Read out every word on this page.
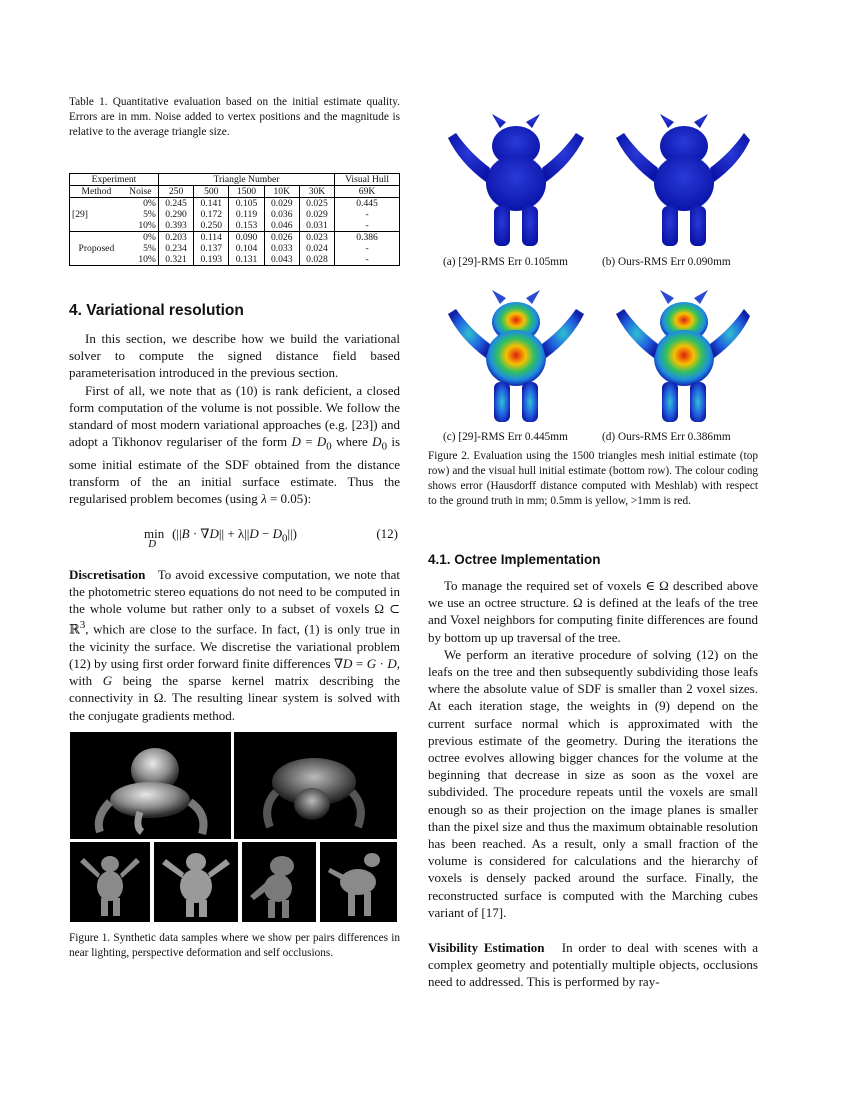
Table 1. Quantitative evaluation based on the initial estimate quality. Errors are in mm. Noise added to vertex positions and the magnitude is relative to the average triangle size.

Experiment		Triangle Number					Visual Hull
Method	Noise	250	500	1500	10K	30K	69K
	0%	0.245	0.141	0.105	0.029	0.025	0.445
[29]	5%	0.290	0.172	0.119	0.036	0.029	-
	10%	0.393	0.250	0.153	0.046	0.031	-
	0%	0.203	0.114	0.090	0.026	0.023	0.386
Proposed	5%	0.234	0.137	0.104	0.033	0.024	-
	10%	0.321	0.193	0.131	0.043	0.028	-
4. Variational resolution

In this section, we describe how we build the variational solver to compute the signed distance field based parameterisation introduced in the previous section.

First of all, we note that as (10) is rank deficient, a closed form computation of the volume is not possible. We follow the standard of most modern variational approaches (e.g. [23]) and adopt a Tikhonov regulariser of the form $D = D_0$ where $D_0$ is some initial estimate of the SDF obtained from the distance transform of the an initial surface estimate. Thus the regularised problem becomes (using λ = 0.05):

$\min_D(||B \cdot \nabla D|| + \lambda||D - D_0||)$	(12)

Discretisation To avoid excessive computation, we note that the photometric stereo equations do not need to be computed in the whole volume but rather only to a subset of voxels Ω ⊂ ℝ$^3$, which are close to the surface. In fact, (1) is only true in the vicinity the surface. We discretise the variational problem (12) by using first order forward finite differences ∇D = G · D, with G being the sparse kernel matrix describing the connectivity in Ω. The resulting linear system is solved with the conjugate gradients method.

Figure 1. Synthetic data samples where we show per pairs differences in near lighting, perspective deformation and self occlusions.

(a) [29]-RMS Err 0.105mm	(b) Ours-RMS Err 0.090mm
(c) [29]-RMS Err 0.445mm	(d) Ours-RMS Err 0.386mm

Figure 2. Evaluation using the 1500 triangles mesh initial estimate (top row) and the visual hull initial estimate (bottom row). The colour coding shows error (Hausdorff distance computed with Meshlab) with respect to the ground truth in mm; 0.5mm is yellow, >1mm is red.

4.1. Octree Implementation

To manage the required set of voxels ∈ Ω described above we use an octree structure. Ω is defined at the leafs of the tree and Voxel neighbors for computing finite differences are found by bottom up up traversal of the tree.

We perform an iterative procedure of solving (12) on the leafs on the tree and then subsequently subdividing those leafs where the absolute value of SDF is smaller than 2 voxel sizes. At each iteration stage, the weights in (9) depend on the current surface normal which is approximated with the previous estimate of the geometry. During the iterations the octree evolves allowing bigger chances for the volume at the beginning that decrease in size as soon as the voxel are subdivided. The procedure repeats until the voxels are small enough so as their projection on the image planes is smaller than the pixel size and thus the maximum obtainable resolution has been reached. As a result, only a small fraction of the volume is considered for calculations and the hierarchy of voxels is densely packed around the surface. Finally, the reconstructed surface is computed with the Marching cubes variant of [17].

Visibility Estimation In order to deal with scenes with a complex geometry and potentially multiple objects, occlusions need to addressed. This is performed by ray-
